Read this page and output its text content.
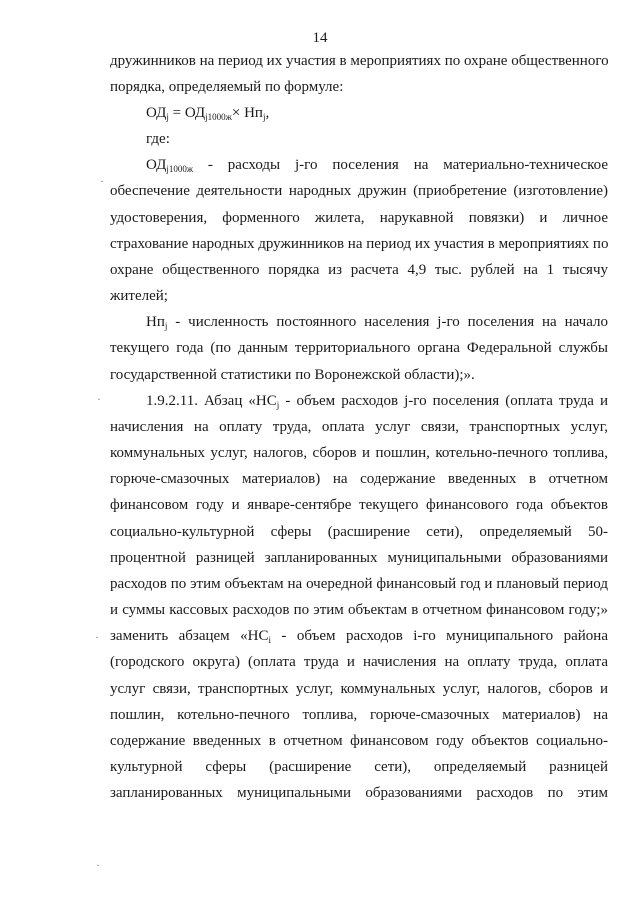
14
дружинников на период их участия в мероприятиях по охране общественного
порядка, определяемый по формуле:
$ОД_j = ОД_{j1000ж}\times Нп_j$,
где:
$ОД_{j1000ж}$ - расходы j-го поселения на материально-техническое
обеспечение деятельности народных дружин (приобретение (изготовление)
удостоверения, форменного жилета, нарукавной повязки) и личное
страхование народных дружинников на период их участия в мероприятиях по
охране общественного порядка из расчета 4,9 тыс. рублей на 1 тысячу
жителей;
$Нп_j$ - численность постоянного населения j-го поселения на начало
текущего года (по данным территориального органа Федеральной службы
государственной статистики по Воронежской области);».
1.9.2.11. Абзац «$НС_j$ - объем расходов j-го поселения (оплата труда и
начисления на оплату труда, оплата услуг связи, транспортных услуг,
коммунальных услуг, налогов, сборов и пошлин, котельно-печного топлива,
горюче-смазочных материалов) на содержание введенных в отчетном
финансовом году и январе-сентябре текущего финансового года объектов
социально-культурной сферы (расширение сети), определяемый 50-
процентной разницей запланированных муниципальными образованиями
расходов по этим объектам на очередной финансовый год и плановый период
и суммы кассовых расходов по этим объектам в отчетном финансовом году;»
заменить абзацем «$НС_i$ - объем расходов i-го муниципального района
(городского округа) (оплата труда и начисления на оплату труда, оплата
услуг связи, транспортных услуг, коммунальных услуг, налогов, сборов и
пошлин, котельно-печного топлива, горюче-смазочных материалов) на
содержание введенных в отчетном финансовом году объектов социально-
культурной сферы (расширение сети), определяемый разницей
запланированных муниципальными образованиями расходов по этим
·
·
·
·
